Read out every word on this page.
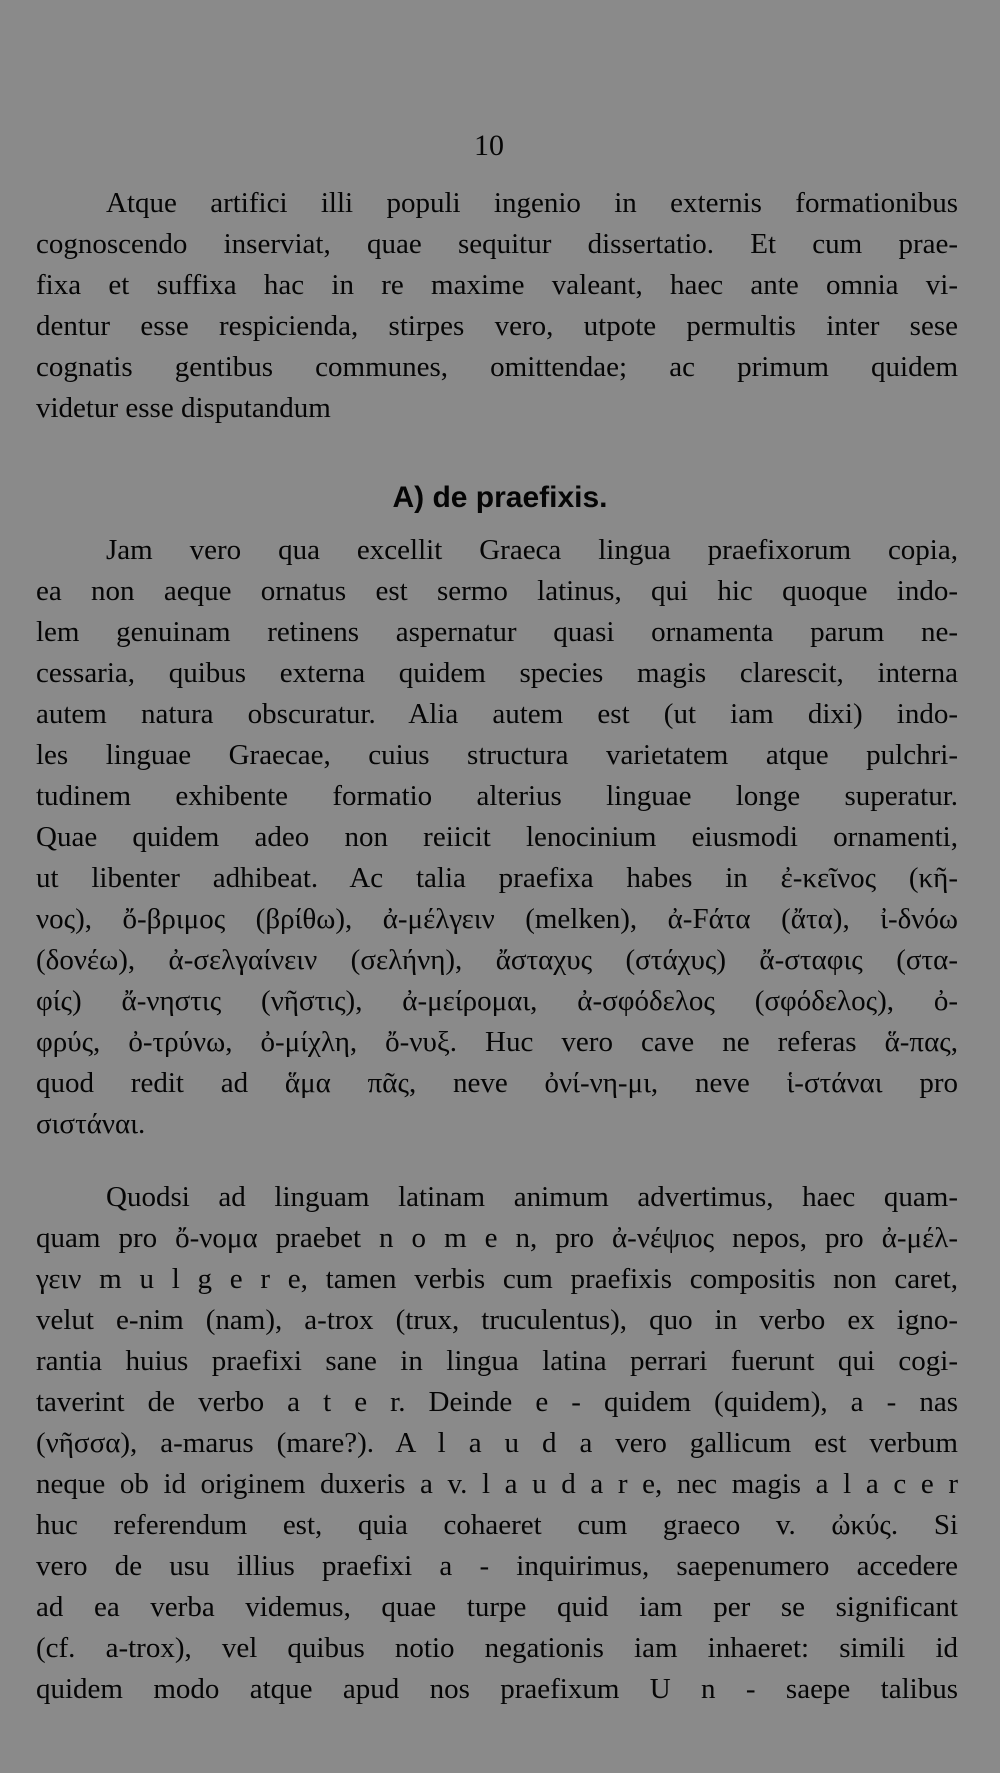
10
Atque artifici illi populi ingenio in externis formationibus
cognoscendo inserviat, quae sequitur dissertatio. Et cum prae-
fixa et suffixa hac in re maxime valeant, haec ante omnia vi-
dentur esse respicienda, stirpes vero, utpote permultis inter sese
cognatis gentibus communes, omittendae; ac primum quidem
videtur esse disputandum
A) de praefixis.
Jam vero qua excellit Graeca lingua praefixorum copia,
ea non aeque ornatus est sermo latinus, qui hic quoque indo-
lem genuinam retinens aspernatur quasi ornamenta parum ne-
cessaria, quibus externa quidem species magis clarescit, interna
autem natura obscuratur. Alia autem est (ut iam dixi) indo-
les linguae Graecae, cuius structura varietatem atque pulchri-
tudinem exhibente formatio alterius linguae longe superatur.
Quae quidem adeo non reiicit lenocinium eiusmodi ornamenti,
ut libenter adhibeat. Ac talia praefixa habes in ἐ-κεῖνος (κῆ-
νος), ὄ-βριμος (βρίθω), ἀ-μέλγειν (melken), ἀ-Fάτα (ἄτα), ἰ-δνόω
(δονέω), ἀ-σελγαίνειν (σελήνη), ἄσταχυς (στάχυς) ἄ-σταφις (στα-
φίς) ἄ-νηστις (νῆστις), ἀ-μείρομαι, ἀ-σφόδελος (σφόδελος), ὀ-
φρύς, ὀ-τρύνω, ὀ-μίχλη, ὄ-νυξ. Huc vero cave ne referas ἅ-πας,
quod redit ad ἅμα πᾶς, neve ὀνί-νη-μι, neve ἱ-στάναι pro
σιστάναι.
Quodsi ad linguam latinam animum advertimus, haec quam-
quam pro ὄ-νομα praebet n o m e n, pro ἀ-νέψιος nepos, pro ἀ-μέλ-
γειν m u l g e r e, tamen verbis cum praefixis compositis non caret,
velut e-nim (nam), a-trox (trux, truculentus), quo in verbo ex igno-
rantia huius praefixi sane in lingua latina perrari fuerunt qui cogi-
taverint de verbo a t e r. Deinde e - quidem (quidem), a - nas
(νῆσσα), a-marus (mare?). A l a u d a vero gallicum est verbum
neque ob id originem duxeris a v. l a u d a r e, nec magis a l a c e r
huc referendum est, quia cohaeret cum graeco v. ὠκύς. Si
vero de usu illius praefixi a - inquirimus, saepenumero accedere
ad ea verba videmus, quae turpe quid iam per se significant
(cf. a-trox), vel quibus notio negationis iam inhaeret: simili id
quidem modo atque apud nos praefixum U n - saepe talibus
